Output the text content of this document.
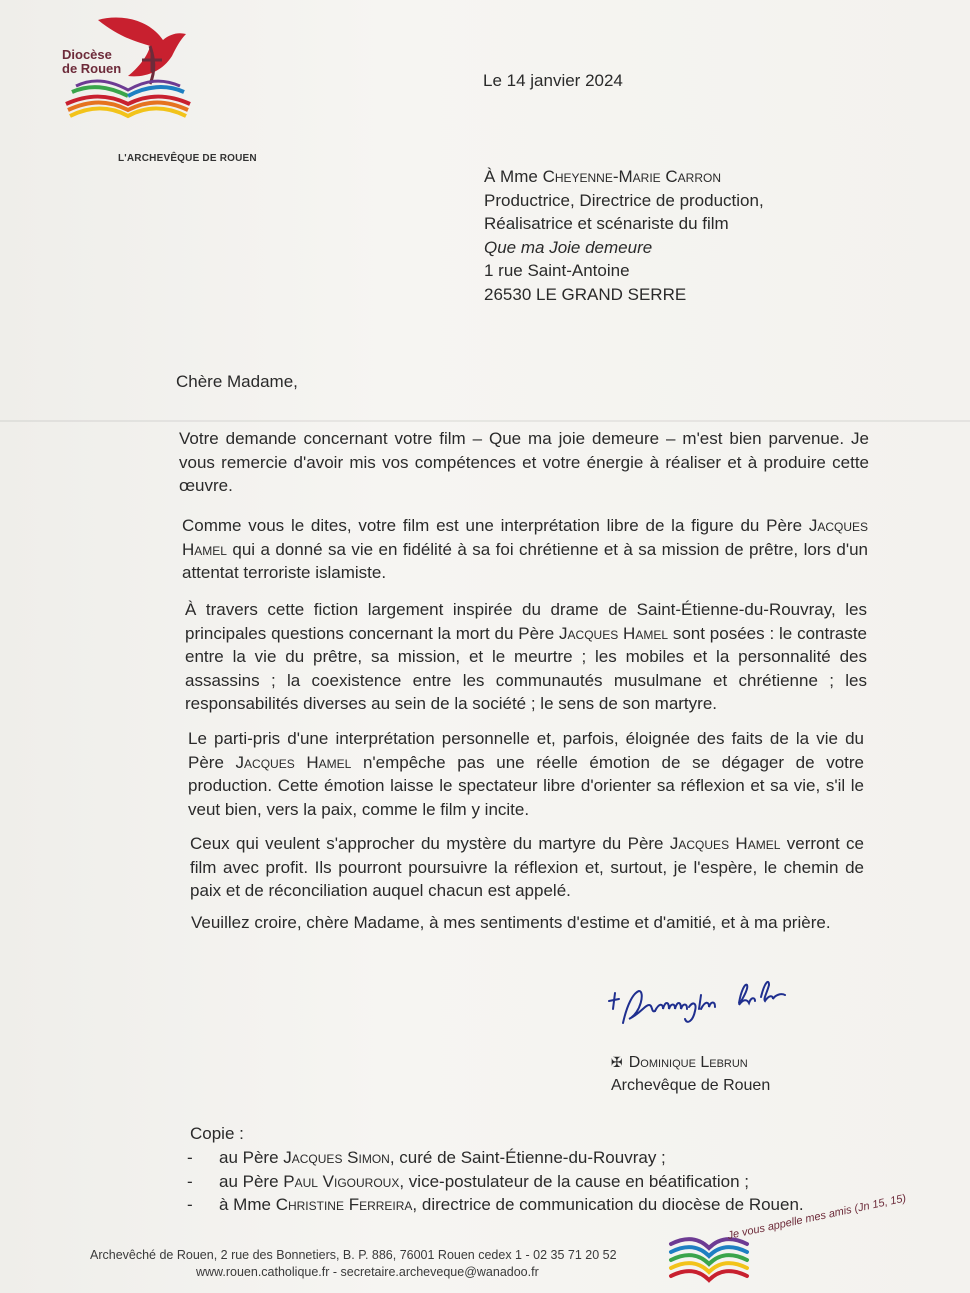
Diocèse
de Rouen
L'ARCHEVÊQUE DE ROUEN
Le 14 janvier 2024
À Mme Cheyenne-Marie Carron
Productrice, Directrice de production,
Réalisatrice et scénariste du film
Que ma Joie demeure
1 rue Saint-Antoine
26530 LE GRAND SERRE
Chère Madame,
Votre demande concernant votre film – Que ma joie demeure – m'est bien parvenue. Je vous remercie d'avoir mis vos compétences et votre énergie à réaliser et à produire cette œuvre.
Comme vous le dites, votre film est une interprétation libre de la figure du Père Jacques Hamel qui a donné sa vie en fidélité à sa foi chrétienne et à sa mission de prêtre, lors d'un attentat terroriste islamiste.
À travers cette fiction largement inspirée du drame de Saint-Étienne-du-Rouvray, les principales questions concernant la mort du Père Jacques Hamel sont posées : le contraste entre la vie du prêtre, sa mission, et le meurtre ; les mobiles et la personnalité des assassins ; la coexistence entre les communautés musulmane et chrétienne ; les responsabilités diverses au sein de la société ; le sens de son martyre.
Le parti-pris d'une interprétation personnelle et, parfois, éloignée des faits de la vie du Père Jacques Hamel n'empêche pas une réelle émotion de se dégager de votre production. Cette émotion laisse le spectateur libre d'orienter sa réflexion et sa vie, s'il le veut bien, vers la paix, comme le film y incite.
Ceux qui veulent s'approcher du mystère du martyre du Père Jacques Hamel verront ce film avec profit. Ils pourront poursuivre la réflexion et, surtout, je l'espère, le chemin de paix et de réconciliation auquel chacun est appelé.
Veuillez croire, chère Madame, à mes sentiments d'estime et d'amitié, et à ma prière.
✠ Dominique Lebrun
Archevêque de Rouen
Copie :
- au Père Jacques Simon, curé de Saint-Étienne-du-Rouvray ;
- au Père Paul Vigouroux, vice-postulateur de la cause en béatification ;
- à Mme Christine Ferreira, directrice de communication du diocèse de Rouen.
Archevêché de Rouen, 2 rue des Bonnetiers, B. P. 886, 76001 Rouen cedex 1 - 02 35 71 20 52
www.rouen.catholique.fr - secretaire.archeveque@wanadoo.fr
Je vous appelle mes amis (Jn 15, 15)
